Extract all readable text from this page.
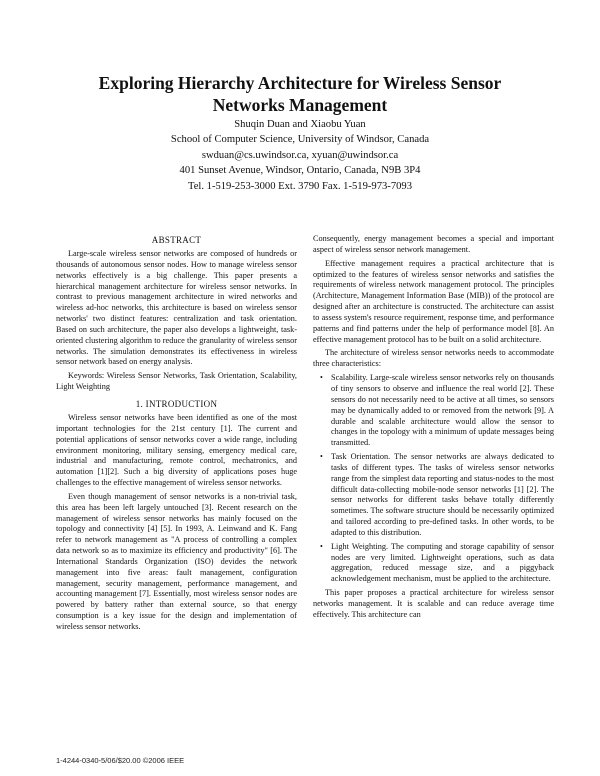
Exploring Hierarchy Architecture for Wireless Sensor
Networks Management
Shuqin Duan and Xiaobu Yuan
School of Computer Science, University of Windsor, Canada
swduan@cs.uwindsor.ca, xyuan@uwindsor.ca
401 Sunset Avenue, Windsor, Ontario, Canada, N9B 3P4
Tel. 1-519-253-3000 Ext. 3790 Fax. 1-519-973-7093
ABSTRACT

Large-scale wireless sensor networks are composed of hundreds or thousands of autonomous sensor nodes. How to manage wireless sensor networks effectively is a big challenge. This paper presents a hierarchical management architecture for wireless sensor networks. In contrast to previous management architecture in wired networks and wireless ad-hoc networks, this architecture is based on wireless sensor networks' two distinct features: centralization and task orientation. Based on such architecture, the paper also develops a lightweight, task-oriented clustering algorithm to reduce the granularity of wireless sensor networks. The simulation demonstrates its effectiveness in wireless sensor network based on energy analysis.

Keywords: Wireless Sensor Networks, Task Orientation, Scalability, Light Weighting

1. INTRODUCTION

Wireless sensor networks have been identified as one of the most important technologies for the 21st century [1]. The current and potential applications of sensor networks cover a wide range, including environment monitoring, military sensing, emergency medical care, industrial and manufacturing, remote control, mechatronics, and automation [1][2]. Such a big diversity of applications poses huge challenges to the effective management of wireless sensor networks.

Even though management of sensor networks is a non-trivial task, this area has been left largely untouched [3]. Recent research on the management of wireless sensor networks has mainly focused on the topology and connectivity [4] [5]. In 1993, A. Leinwand and K. Fang refer to network management as "A process of controlling a complex data network so as to maximize its efficiency and productivity" [6]. The International Standards Organization (ISO) devides the network management into five areas: fault management, configuration management, security management, performance management, and accounting management [7]. Essentially, most wireless sensor nodes are powered by battery rather than external source, so that energy consumption is a key issue for the design and implementation of wireless sensor networks.

Consequently, energy management becomes a special and important aspect of wireless sensor network management.

Effective management requires a practical architecture that is optimized to the features of wireless sensor networks and satisfies the requirements of wireless network management protocol. The principles (Architecture, Management Information Base (MIB)) of the protocol are designed after an architecture is constructed. The architecture can assist to assess system's resource requirement, response time, and performance patterns and find patterns under the help of performance model [8]. An effective management protocol has to be built on a solid architecture.

The architecture of wireless sensor networks needs to accommodate three characteristics:

• Scalability. Large-scale wireless sensor networks rely on thousands of tiny sensors to observe and influence the real world [2]. These sensors do not necessarily need to be active at all times, so sensors may be dynamically added to or removed from the network [9]. A durable and scalable architecture would allow the sensor to changes in the topology with a minimum of update messages being transmitted.
• Task Orientation. The sensor networks are always dedicated to tasks of different types. The tasks of wireless sensor networks range from the simplest data reporting and status-nodes to the most difficult data-collecting mobile-node sensor networks [1] [2]. The sensor networks for different tasks behave totally differently sometimes. The software structure should be necessarily optimized and tailored according to pre-defined tasks. In other words, to be adapted to this distribution.
• Light Weighting. The computing and storage capability of sensor nodes are very limited. Lightweight operations, such as data aggregation, reduced message size, and a piggyback acknowledgement mechanism, must be applied to the architecture.

This paper proposes a practical architecture for wireless sensor networks management. It is scalable and can reduce average time effectively. This architecture can

1-4244-0340-5/06/$20.00 ©2006 IEEE
